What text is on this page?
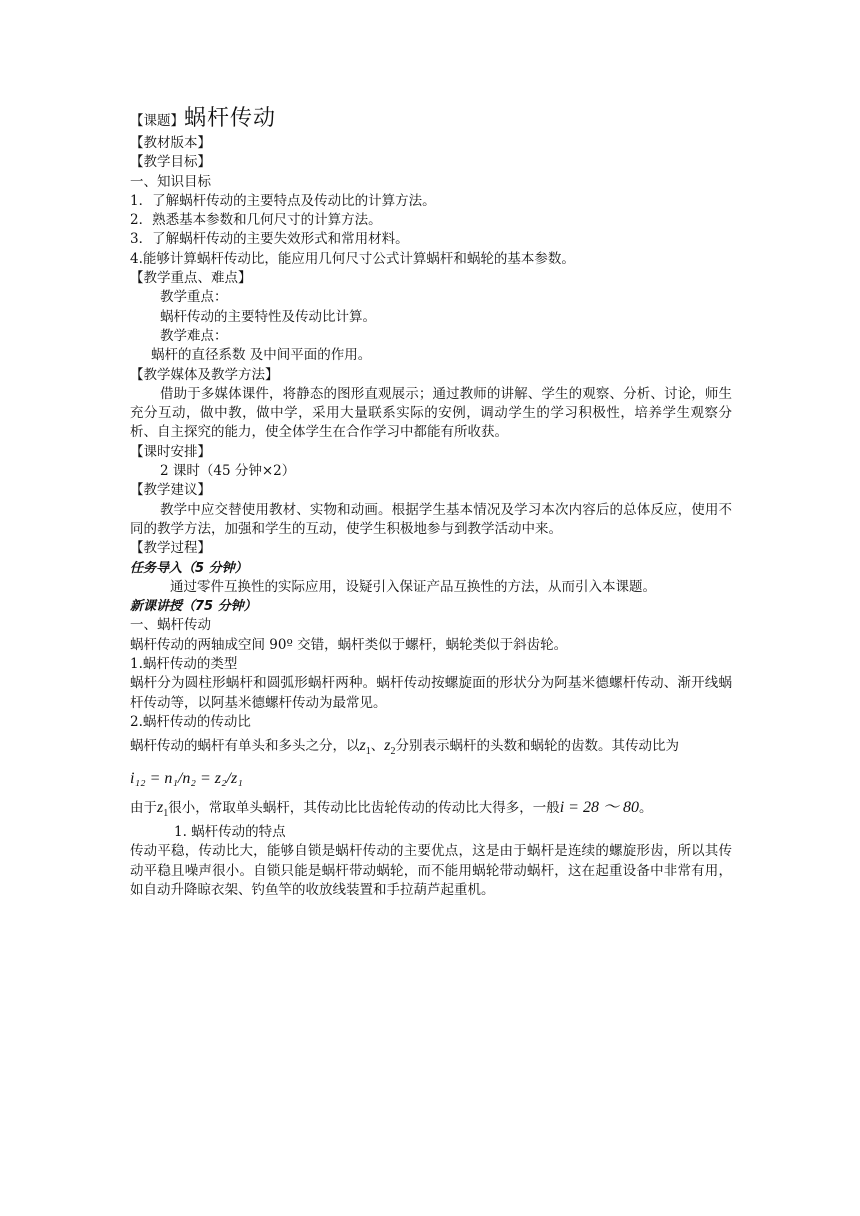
【课题】蜗杆传动
【教材版本】
【教学目标】
一、知识目标
1．了解蜗杆传动的主要特点及传动比的计算方法。
2．熟悉基本参数和几何尺寸的计算方法。
3．了解蜗杆传动的主要失效形式和常用材料。
4.能够计算蜗杆传动比，能应用几何尺寸公式计算蜗杆和蜗轮的基本参数。
【教学重点、难点】
教学重点：
蜗杆传动的主要特性及传动比计算。
教学难点：
蜗杆的直径系数 及中间平面的作用。
【教学媒体及教学方法】
借助于多媒体课件，将静态的图形直观展示；通过教师的讲解、学生的观察、分析、讨论，师生充分互动，做中教，做中学，采用大量联系实际的安例，调动学生的学习积极性，培养学生观察分析、自主探究的能力，使全体学生在合作学习中都能有所收获。
【课时安排】
2 课时（45 分钟×2）
【教学建议】
教学中应交替使用教材、实物和动画。根据学生基本情况及学习本次内容后的总体反应，使用不同的教学方法，加强和学生的互动，使学生积极地参与到教学活动中来。
【教学过程】
任务导入（5 分钟）
通过零件互换性的实际应用，设疑引入保证产品互换性的方法，从而引入本课题。
新课讲授（75 分钟）
一、蜗杆传动
蜗杆传动的两轴成空间 90º 交错，蜗杆类似于螺杆，蜗轮类似于斜齿轮。
1.蜗杆传动的类型
蜗杆分为圆柱形蜗杆和圆弧形蜗杆两种。蜗杆传动按螺旋面的形状分为阿基米德螺杆传动、渐开线蜗杆传动等，以阿基米德螺杆传动为最常见。
2.蜗杆传动的传动比
蜗杆传动的蜗杆有单头和多头之分，以$z_1$、$z_2$分别表示蜗杆的头数和蜗轮的齿数。其传动比为
i₁₂ = n₁/n₂ = z₂/z₁
由于$z_1$很小，常取单头蜗杆，其传动比比齿轮传动的传动比大得多，一般i = 28 ～ 80。
1. 蜗杆传动的特点
传动平稳，传动比大，能够自锁是蜗杆传动的主要优点，这是由于蜗杆是连续的螺旋形齿，所以其传动平稳且噪声很小。自锁只能是蜗杆带动蜗轮，而不能用蜗轮带动蜗杆，这在起重设备中非常有用，如自动升降晾衣架、钓鱼竿的收放线装置和手拉葫芦起重机。
